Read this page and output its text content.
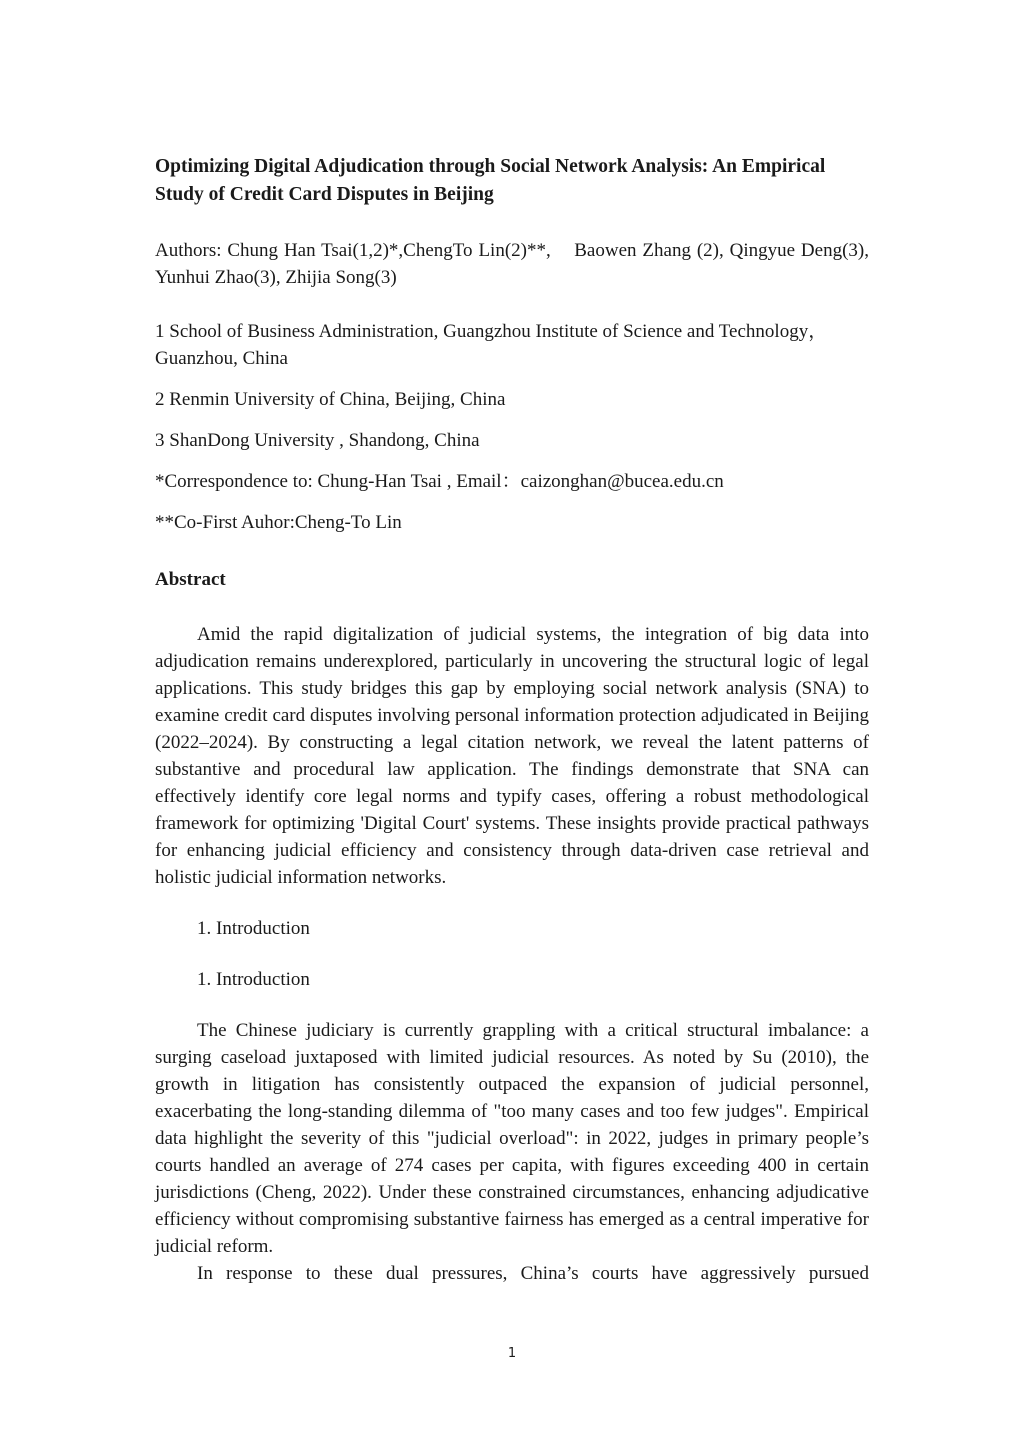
Optimizing Digital Adjudication through Social Network Analysis: An Empirical
Study of Credit Card Disputes in Beijing

Authors: Chung Han Tsai(1,2)*,ChengTo Lin(2)**,    Baowen Zhang (2), Qingyue Deng(3), Yunhui Zhao(3), Zhijia Song(3)

1 School of Business Administration, Guangzhou Institute of Science and Technology，Guanzhou, China

2 Renmin University of China, Beijing, China

3 ShanDong University , Shandong, China

*Correspondence to: Chung-Han Tsai , Email：caizonghan@bucea.edu.cn

**Co-First Auhor:Cheng-To Lin

Abstract

Amid the rapid digitalization of judicial systems, the integration of big data into adjudication remains underexplored, particularly in uncovering the structural logic of legal applications. This study bridges this gap by employing social network analysis (SNA) to examine credit card disputes involving personal information protection adjudicated in Beijing (2022–2024). By constructing a legal citation network, we reveal the latent patterns of substantive and procedural law application. The findings demonstrate that SNA can effectively identify core legal norms and typify cases, offering a robust methodological framework for optimizing 'Digital Court' systems. These insights provide practical pathways for enhancing judicial efficiency and consistency through data-driven case retrieval and holistic judicial information networks.

1. Introduction

1. Introduction

The Chinese judiciary is currently grappling with a critical structural imbalance: a surging caseload juxtaposed with limited judicial resources. As noted by Su (2010), the growth in litigation has consistently outpaced the expansion of judicial personnel, exacerbating the long-standing dilemma of "too many cases and too few judges". Empirical data highlight the severity of this "judicial overload": in 2022, judges in primary people’s courts handled an average of 274 cases per capita, with figures exceeding 400 in certain jurisdictions (Cheng, 2022). Under these constrained circumstances, enhancing adjudicative efficiency without compromising substantive fairness has emerged as a central imperative for judicial reform.

In response to these dual pressures, China’s courts have aggressively pursued

1
